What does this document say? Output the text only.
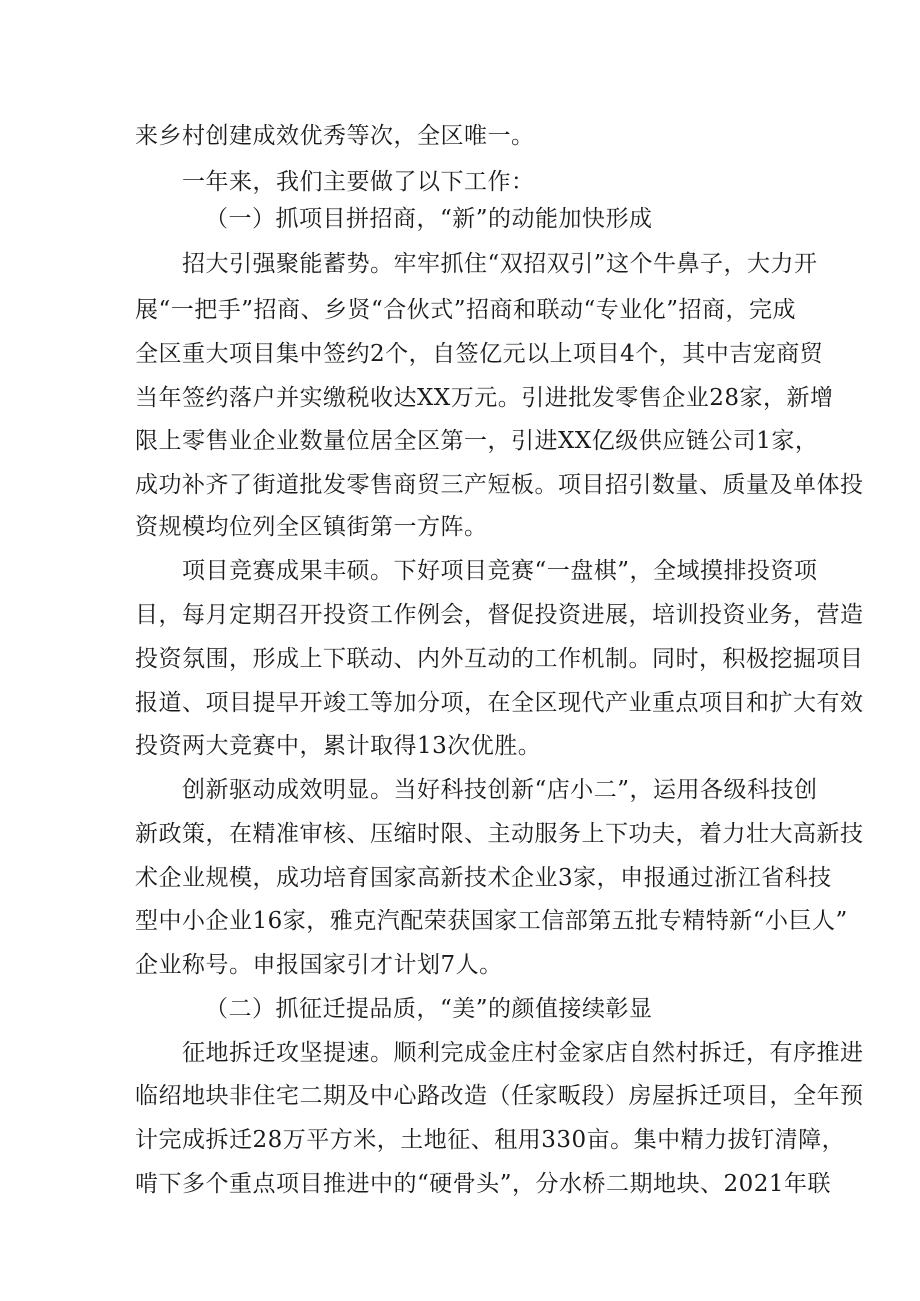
来乡村创建成效优秀等次，全区唯一。
一年来，我们主要做了以下工作：
（一）抓项目拼招商，“新”的动能加快形成
招大引强聚能蓄势。牢牢抓住“双招双引”这个牛鼻子，大力开
展“一把手”招商、乡贤“合伙式”招商和联动“专业化”招商，完成
全区重大项目集中签约2个，自签亿元以上项目4个，其中吉宠商贸
当年签约落户并实缴税收达XX万元。引进批发零售企业28家，新增
限上零售业企业数量位居全区第一，引进XX亿级供应链公司1家，
成功补齐了街道批发零售商贸三产短板。项目招引数量、质量及单体投
资规模均位列全区镇街第一方阵。
项目竞赛成果丰硕。下好项目竞赛“一盘棋”，全域摸排投资项
目，每月定期召开投资工作例会，督促投资进展，培训投资业务，营造
投资氛围，形成上下联动、内外互动的工作机制。同时，积极挖掘项目
报道、项目提早开竣工等加分项，在全区现代产业重点项目和扩大有效
投资两大竞赛中，累计取得13次优胜。
创新驱动成效明显。当好科技创新“店小二”，运用各级科技创
新政策，在精准审核、压缩时限、主动服务上下功夫，着力壮大高新技
术企业规模，成功培育国家高新技术企业3家，申报通过浙江省科技
型中小企业16家，雅克汽配荣获国家工信部第五批专精特新“小巨人”
企业称号。申报国家引才计划7人。
（二）抓征迁提品质，“美”的颜值接续彰显
征地拆迁攻坚提速。顺利完成金庄村金家店自然村拆迁，有序推进
临绍地块非住宅二期及中心路改造（任家畈段）房屋拆迁项目，全年预
计完成拆迁28万平方米，土地征、租用330亩。集中精力拔钉清障，
啃下多个重点项目推进中的“硬骨头”，分水桥二期地块、2021年联
